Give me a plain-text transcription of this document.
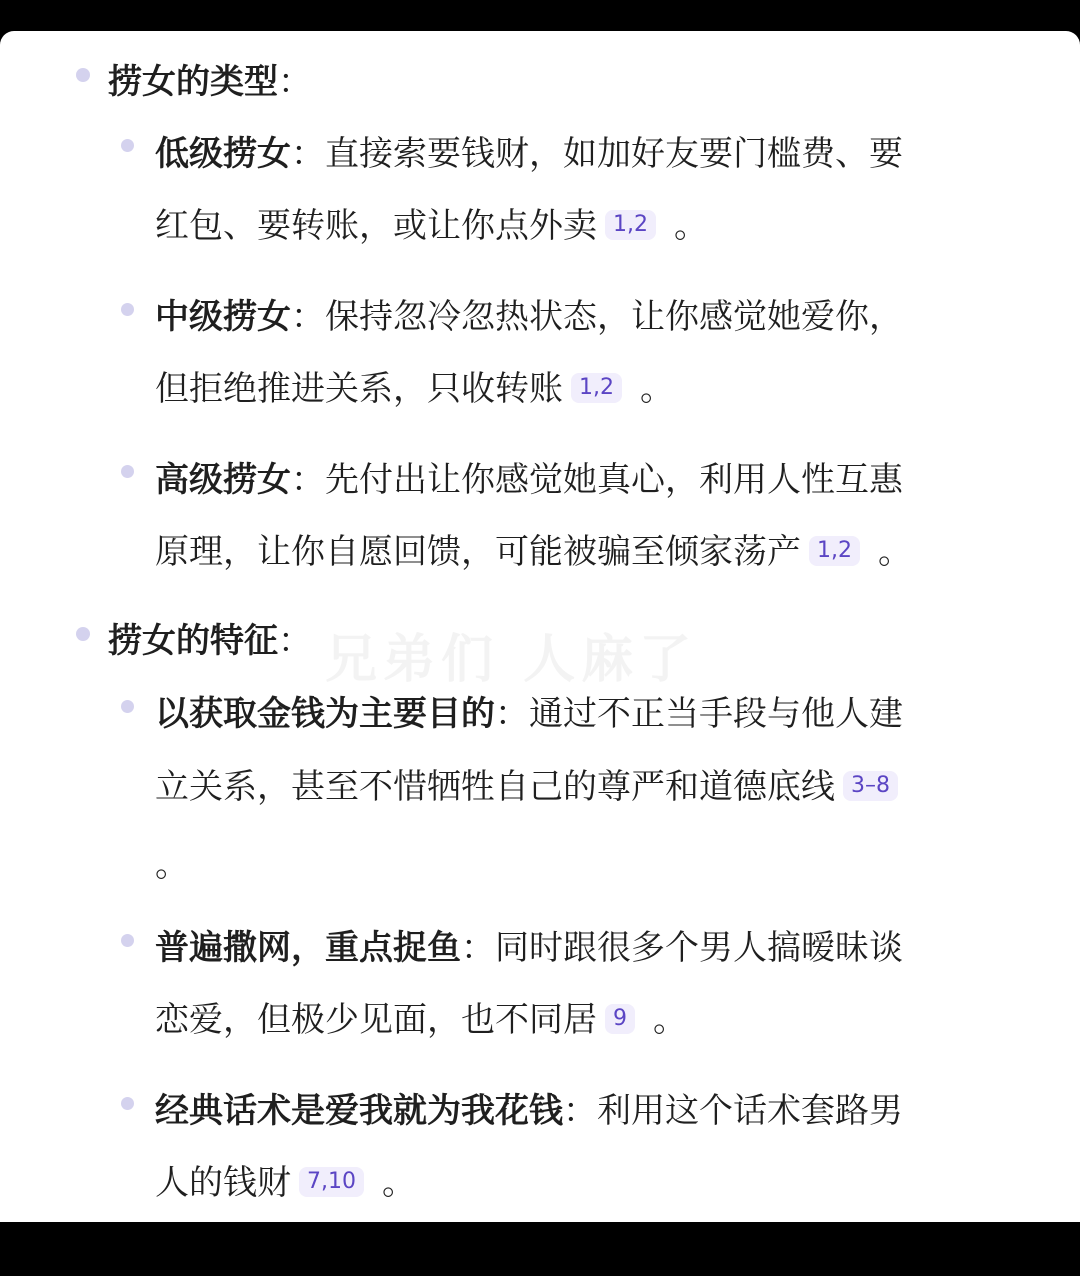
捞女的类型：
低级捞女：直接索要钱财，如加好友要门槛费、要
红包、要转账，或让你点外卖 1,2 。
中级捞女：保持忽冷忽热状态，让你感觉她爱你，
但拒绝推进关系，只收转账 1,2 。
高级捞女：先付出让你感觉她真心，利用人性互惠
原理，让你自愿回馈，可能被骗至倾家荡产 1,2 。
捞女的特征： 兄弟们 人麻了
以获取金钱为主要目的：通过不正当手段与他人建
立关系，甚至不惜牺牲自己的尊严和道德底线 3–8
。
普遍撒网，重点捉鱼：同时跟很多个男人搞暧昧谈
恋爱，但极少见面，也不同居 9 。
经典话术是爱我就为我花钱：利用这个话术套路男
人的钱财 7,10 。
